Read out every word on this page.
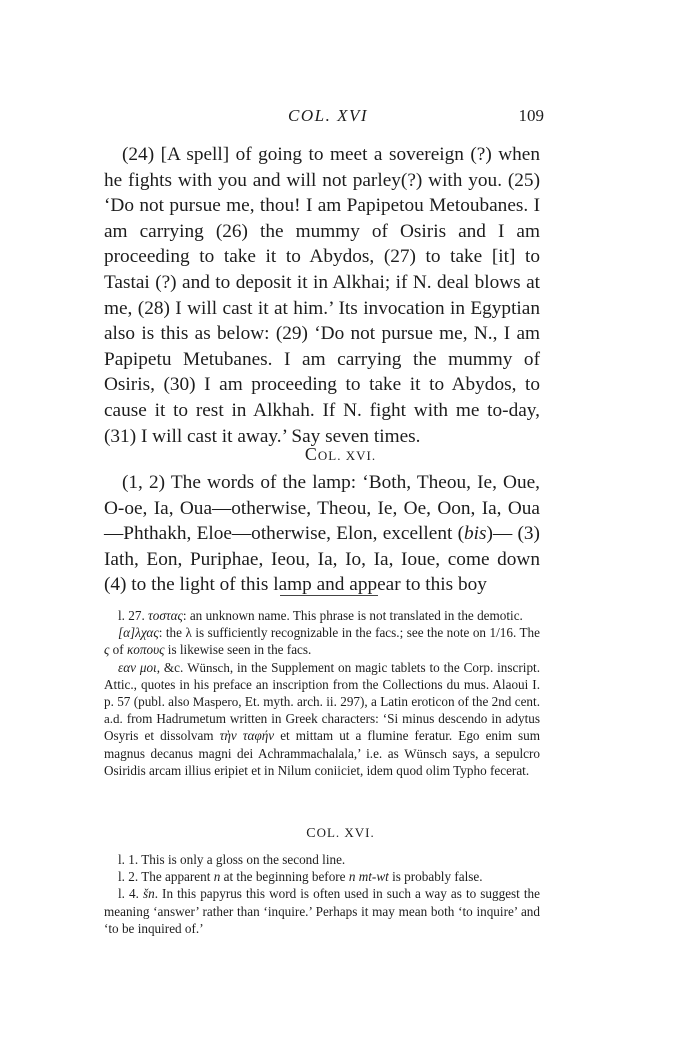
COL. XVI	109

(24) [A spell] of going to meet a sovereign (?) when he fights with you and will not parley(?) with you. (25) ‘Do not pursue me, thou! I am Papipetou Metoubanes. I am carrying (26) the mummy of Osiris and I am proceeding to take it to Abydos, (27) to take [it] to Tastai (?) and to deposit it in Alkhai; if N. deal blows at me, (28) I will cast it at him.’ Its invocation in Egyptian also is this as below: (29) ‘Do not pursue me, N., I am Papipetu Metubanes. I am carrying the mummy of Osiris, (30) I am proceeding to take it to Abydos, to cause it to rest in Alkhah. If N. fight with me to-day, (31) I will cast it away.’ Say seven times.

COL. XVI.

(1, 2) The words of the lamp: ‘Both, Theou, Ie, Oue, O-oe, Ia, Oua—otherwise, Theou, Ie, Oe, Oon, Ia, Oua —Phthakh, Eloe—otherwise, Elon, excellent (bis)— (3) Iath, Eon, Puriphae, Ieou, Ia, Io, Ia, Ioue, come down (4) to the light of this lamp and appear to this boy

l. 27. τοστας: an unknown name. This phrase is not translated in the demotic.

[α]λχας: the λ is sufficiently recognizable in the facs.; see the note on 1/16. The ς of κοπους is likewise seen in the facs.

εαν μοι, &c. Wünsch, in the Supplement on magic tablets to the Corp. inscript. Attic., quotes in his preface an inscription from the Collections du mus. Alaoui I. p. 57 (publ. also Maspero, Et. myth. arch. ii. 297), a Latin eroticon of the 2nd cent. a.d. from Hadrumetum written in Greek characters: ‘Si minus descendo in adytus Osyris et dissolvam τὴν ταφήν et mittam ut a flumine feratur. Ego enim sum magnus decanus magni dei Achrammachalala,’ i.e. as Wünsch says, a sepulcro Osiridis arcam illius eripiet et in Nilum coniiciet, idem quod olim Typho fecerat.

COL. XVI.

l. 1. This is only a gloss on the second line.

l. 2. The apparent n at the beginning before n mt-wt is probably false.

l. 4. šn. In this papyrus this word is often used in such a way as to suggest the meaning ‘answer’ rather than ‘inquire.’ Perhaps it may mean both ‘to inquire’ and ‘to be inquired of.’
